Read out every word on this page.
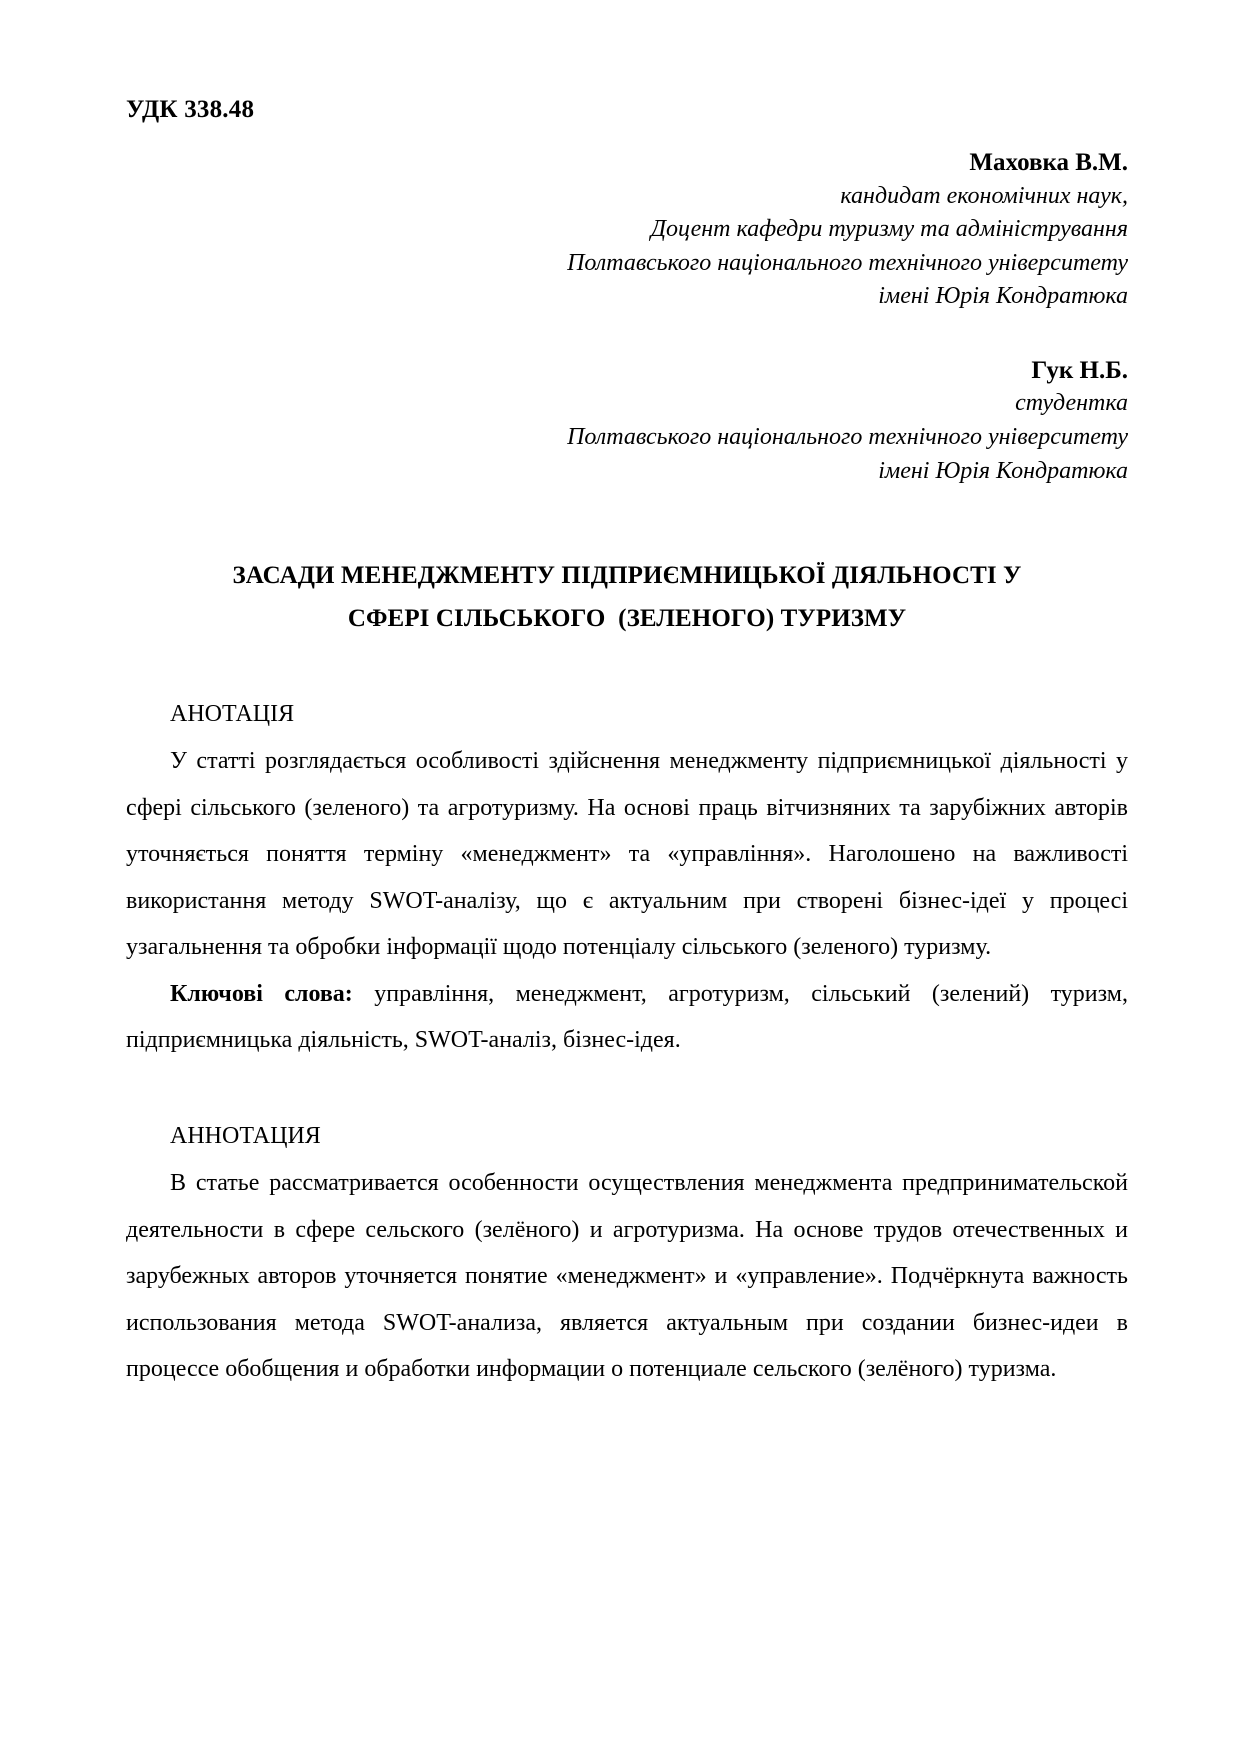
УДК 338.48
Маховка В.М.
кандидат економічних наук,
Доцент кафедри туризму та адміністрування
Полтавського національного технічного університету
імені Юрія Кондратюка
Гук Н.Б.
студентка
Полтавського національного технічного університету
імені Юрія Кондратюка
ЗАСАДИ МЕНЕДЖМЕНТУ ПІДПРИЄМНИЦЬКОЇ ДІЯЛЬНОСТІ У
СФЕРІ СІЛЬСЬКОГО  (ЗЕЛЕНОГО) ТУРИЗМУ
АНОТАЦІЯ
У статті розглядається особливості здійснення менеджменту підприємницької діяльності у сфері сільського (зеленого) та агротуризму. На основі праць вітчизняних та зарубіжних авторів уточняється поняття терміну «менеджмент» та «управління». Наголошено на важливості використання методу SWOT-аналізу, що є актуальним при створені бізнес-ідеї у процесі узагальнення та обробки інформації щодо потенціалу сільського (зеленого) туризму.
Ключові слова: управління, менеджмент, агротуризм, сільський (зелений) туризм, підприємницька діяльність, SWOT-аналіз, бізнес-ідея.
АННОТАЦИЯ
В статье рассматривается особенности осуществления менеджмента предпринимательской деятельности в сфере сельского (зелёного) и агротуризма. На основе трудов отечественных и зарубежных авторов уточняется понятие «менеджмент» и «управление». Подчёркнута важность использования метода SWOT-анализа, является актуальным при создании бизнес-идеи в процессе обобщения и обработки информации о потенциале сельского (зелёного) туризма.
